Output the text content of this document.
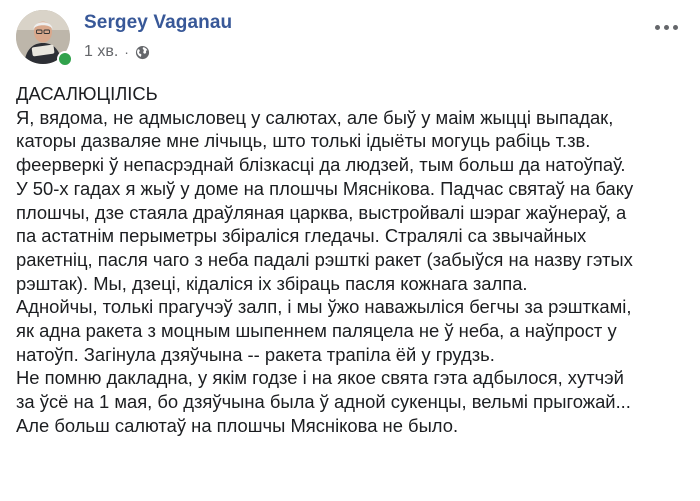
Sergey Vaganau
1 хв. ·
ДАСАЛЮЦІЛІСЬ
Я, вядома, не адмысловец у салютах, але быў у маім жыцці выпадак,
каторы дазваляе мне лічыць, што толькі ідыёты могуць рабіць т.зв.
феерверкі ў непасрэднай блізкасці да людзей, тым больш да натоўпаў.
У 50-х гадах я жыў у доме на плошчы Мяснікова. Падчас святаў на баку
плошчы, дзе стаяла драўляная царква, выстройвалі шэраг жаўнераў, а
па астатнім перыметры збіраліся гледачы. Стралялі са звычайных
ракетніц, пасля чаго з неба падалі рэшткі ракет (забыўся на назву гэтых
рэштак). Мы, дзеці, кідаліся іх збіраць пасля кожнага залпа.
Аднойчы, толькі прагучэў залп, і мы ўжо наважыліся бегчы за рэшткамі,
як адна ракета з моцным шыпеннем паляцела не ў неба, а наўпрост у
натоўп. Загінула дзяўчына -- ракета трапіла ёй у грудзь.
Не помню дакладна, у якім годзе і на якое свята гэта адбылося, хутчэй
за ўсё на 1 мая, бо дзяўчына была ў адной сукенцы, вельмі прыгожай...
Але больш салютаў на плошчы Мяснікова не было.
